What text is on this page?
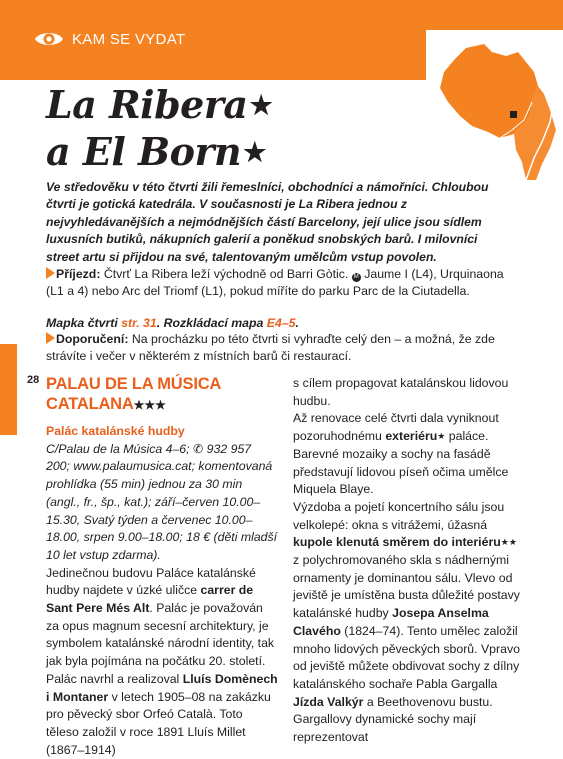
KAM SE VYDAT
La Ribera★
a El Born★

Ve středověku v této čtvrti žili řemeslníci, obchodníci a námořníci. Chloubou čtvrti je gotická katedrála. V současnosti je La Ribera jednou z nejvyhledávanějších a nejmódnějších částí Barcelony, její ulice jsou sídlem luxusních butiků, nákupních galerií a poněkud snobských barů. I milovníci street artu si přijdou na své, talentovaným umělcům vstup povolen.

Příjezd: Čtvrť La Ribera leží východně od Barri Gòtic. M Jaume I (L4), Urquinaona (L1 a 4) nebo Arc del Triomf (L1), pokud míříte do parku Parc de la Ciutadella.

Mapka čtvrti str. 31. Rozkládací mapa E4–5.

Doporučení: Na procházku po této čtvrti si vyhraďte celý den – a možná, že zde strávíte i večer v některém z místních barů či restaurací.

28 PALAU DE LA MÚSICA
CATALANA★★★

Palác katalánské hudby

C/Palau de la Música 4–6; ✆ 932 957 200; www.palaumusica.cat; komentovaná prohlídka (55 min) jednou za 30 min (angl., fr., šp., kat.); září–červen 10.00–15.30, Svatý týden a červenec 10.00–18.00, srpen 9.00–18.00; 18 € (děti mladší 10 let vstup zdarma).

Jedinečnou budovu Paláce katalánské hudby najdete v úzké uličce carrer de Sant Pere Més Alt. Palác je považován za opus magnum secesní architektury, je symbolem katalánské národní identity, tak jak byla pojímána na počátku 20. století. Palác navrhl a realizoval Lluís Domènech i Montaner v letech 1905–08 na zakázku pro pěvecký sbor Orfeó Català. Toto těleso založil v roce 1891 Lluís Millet (1867–1914)

s cílem propagovat katalánskou lidovou hudbu.

Až renovace celé čtvrti dala vyniknout pozoruhodnému exteriéru★ paláce. Barevné mozaiky a sochy na fasádě představují lidovou píseň očima umělce Miquela Blaye.

Výzdoba a pojetí koncertního sálu jsou velkolepé: okna s vitrážemi, úžasná kupole klenutá směrem do interiéru★★ z polychromovaného skla s nádhernými ornamenty je dominantou sálu. Vlevo od jeviště je umístěna busta důležité postavy katalánské hudby Josepa Anselma Clavého (1824–74). Tento umělec založil mnoho lidových pěveckých sborů. Vpravo od jeviště můžete obdivovat sochy z dílny katalánského sochaře Pabla Gargalla Jízda Valkýr a Beethovenovu bustu. Gargallovy dynamické sochy mají reprezentovat
